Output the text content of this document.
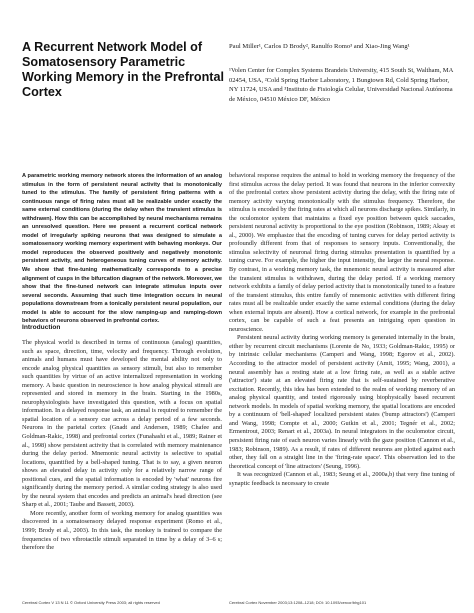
A Recurrent Network Model of Somatosensory Parametric Working Memory in the Prefrontal Cortex
Paul Miller¹, Carlos D Brody², Ranulfo Romo³ and Xiao-Jing Wang¹

¹Volen Center for Complex Systems Brandeis University, 415 South St, Waltham, MA 02454, USA, ²Cold Spring Harbor Laboratory, 1 Bungtown Rd, Cold Spring Harbor, NY 11724, USA and ³Instituto de Fisiología Celular, Universidad Nacional Autónoma de México, 04510 México DF, México

A parametric working memory network stores the information of an analog stimulus in the form of persistent neural activity that is monotonically tuned to the stimulus. The family of persistent firing patterns with a continuous range of firing rates must all be realizable under exactly the same external conditions (during the delay when the transient stimulus is withdrawn). How this can be accomplished by neural mechanisms remains an unresolved question. Here we present a recurrent cortical network model of irregularly spiking neurons that was designed to simulate a somatosensory working memory experiment with behaving monkeys. Our model reproduces the observed positively and negatively monotonic persistent activity, and heterogeneous tuning curves of memory activity. We show that fine-tuning mathematically corresponds to a precise alignment of cusps in the bifurcation diagram of the network. Moreover, we show that the fine-tuned network can integrate stimulus inputs over several seconds. Assuming that such time integration occurs in neural populations downstream from a tonically persistent neural population, our model is able to account for the slow ramping-up and ramping-down behaviors of neurons observed in prefrontal cortex.

Introduction

The physical world is described in terms of continuous (analog) quantities, such as space, direction, time, velocity and frequency. Through evolution, animals and humans must have developed the mental ability not only to encode analog physical quantities as sensory stimuli, but also to remember such quantities by virtue of an active internalized representation in working memory. A basic question in neuroscience is how analog physical stimuli are represented and stored in memory in the brain. Starting in the 1980s, neurophysiologists have investigated this question, with a focus on spatial information. In a delayed response task, an animal is required to remember the spatial location of a sensory cue across a delay period of a few seconds. Neurons in the parietal cortex (Gnadt and Andersen, 1989; Chafee and Goldman-Rakic, 1998) and prefrontal cortex (Funahashi et al., 1989; Rainer et al., 1998) show persistent activity that is correlated with memory maintenance during the delay period. Mnemonic neural activity is selective to spatial locations, quantified by a bell-shaped tuning. That is to say, a given neuron shows an elevated delay in activity only for a relatively narrow range of positional cues, and the spatial information is encoded by 'what' neurons fire significantly during the memory period. A similar coding strategy is also used by the neural system that encodes and predicts an animal's head direction (see Sharp et al., 2001; Taube and Bassett, 2003).

More recently, another form of working memory for analog quantities was discovered in a somatosensory delayed response experiment (Romo et al., 1999; Brody et al., 2003). In this task, the monkey is trained to compare the frequencies of two vibrotactile stimuli separated in time by a delay of 3–6 s; therefore the

behavioral response requires the animal to hold in working memory the frequency of the first stimulus across the delay period. It was found that neurons in the inferior convexity of the prefrontal cortex show persistent activity during the delay, with the firing rate of memory activity varying monotonically with the stimulus frequency. Therefore, the stimulus is encoded by the firing rates at which all neurons discharge spikes. Similarly, in the oculomotor system that maintains a fixed eye position between quick saccades, persistent neuronal activity is proportional to the eye position (Robinson, 1989; Aksay et al., 2000). We emphasize that the encoding of tuning curves for delay period activity is profoundly different from that of responses to sensory inputs. Conventionally, the stimulus selectivity of neuronal firing during stimulus presentation is quantified by a tuning curve. For example, the higher the input intensity, the larger the neural response. By contrast, in a working memory task, the mnemonic neural activity is measured after the transient stimulus is withdrawn, during the delay period. If a working memory network exhibits a family of delay period activity that is monotonically tuned to a feature of the transient stimulus, this entire family of mnemonic activities with different firing rates must all be realizable under exactly the same external conditions (during the delay when external inputs are absent). How a cortical network, for example in the prefrontal cortex, can be capable of such a feat presents an intriguing open question in neuroscience.

Persistent neural activity during working memory is generated internally in the brain, either by recurrent circuit mechanisms (Lorente de No, 1933; Goldman-Rakic, 1995) or by intrinsic cellular mechanisms (Camperi and Wang, 1998; Egorov et al., 2002). According to the attractor model of persistent activity (Amit, 1995; Wang, 2001), a neural assembly has a resting state at a low firing rate, as well as a stable active ('attractor') state at an elevated firing rate that is self-sustained by reverberative excitation. Recently, this idea has been extended to the realm of working memory of an analog physical quantity, and tested rigorously using biophysically based recurrent network models. In models of spatial working memory, the spatial locations are encoded by a continuum of 'bell-shaped' localized persistent states ('bump attractors') (Camperi and Wang, 1998; Compte et al., 2000; Gutkin et al., 2001; Tegnér et al., 2002; Ermentrout, 2003; Renart et al., 2003a). In neural integrators in the oculomotor circuit, persistent firing rate of each neuron varies linearly with the gaze position (Cannon et al., 1983; Robinson, 1989). As a result, if rates of different neurons are plotted against each other, they fall on a straight line in the 'firing-rate space'. This observation led to the theoretical concept of 'line attractors' (Seung, 1996).

It was recognized (Cannon et al., 1983; Seung et al., 2000a,b) that very fine tuning of synaptic feedback is necessary to create

Cerebral Cortex V 13 N 11 © Oxford University Press 2003; all rights reserved	Cerebral Cortex November 2003;13:1208–1218; DOI: 10.1093/cercor/bhg101
